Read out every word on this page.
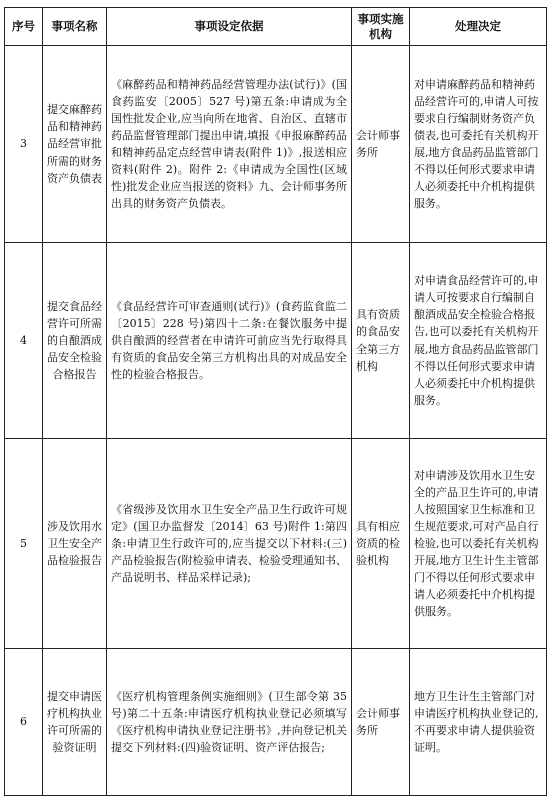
序号	事项名称	事项设定依据	事项实施机构	处理决定
3	提交麻醉药品和精神药品经营审批所需的财务资产负债表	《麻醉药品和精神药品经营管理办法(试行)》(国食药监安〔2005〕527 号)第五条:申请成为全国性批发企业,应当向所在地省、自治区、直辖市药品监督管理部门提出申请,填报《申报麻醉药品和精神药品定点经营申请表(附件 1)》,报送相应资料(附件 2)。附件 2:《申请成为全国性(区域性)批发企业应当报送的资料》九、会计师事务所出具的财务资产负债表。	会计师事务所	对申请麻醉药品和精神药品经营许可的,申请人可按要求自行编制财务资产负债表,也可委托有关机构开展,地方食品药品监管部门不得以任何形式要求申请人必须委托中介机构提供服务。
4	提交食品经营许可所需的自酿酒成品安全检验合格报告	《食品经营许可审查通则(试行)》(食药监食监二〔2015〕228 号)第四十二条:在餐饮服务中提供自酿酒的经营者在申请许可前应当先行取得具有资质的食品安全第三方机构出具的对成品安全性的检验合格报告。	具有资质的食品安全第三方机构	对申请食品经营许可的,申请人可按要求自行编制自酿酒成品安全检验合格报告,也可以委托有关机构开展,地方食品药品监管部门不得以任何形式要求申请人必须委托中介机构提供服务。
5	涉及饮用水卫生安全产品检验报告	《省级涉及饮用水卫生安全产品卫生行政许可规定》(国卫办监督发〔2014〕63 号)附件 1:第四条:申请卫生行政许可的,应当提交以下材料:(三)产品检验报告(附检验申请表、检验受理通知书、产品说明书、样品采样记录);	具有相应资质的检验机构	对申请涉及饮用水卫生安全的产品卫生许可的,申请人按照国家卫生标准和卫生规范要求,可对产品自行检验,也可以委托有关机构开展,地方卫生计生主管部门不得以任何形式要求申请人必须委托中介机构提供服务。
6	提交申请医疗机构执业许可所需的验资证明	《医疗机构管理条例实施细则》(卫生部令第 35 号)第二十五条:申请医疗机构执业登记必须填写《医疗机构申请执业登记注册书》,并向登记机关提交下列材料:(四)验资证明、资产评估报告;	会计师事务所	地方卫生计生主管部门对申请医疗机构执业登记的,不再要求申请人提供验资证明。
